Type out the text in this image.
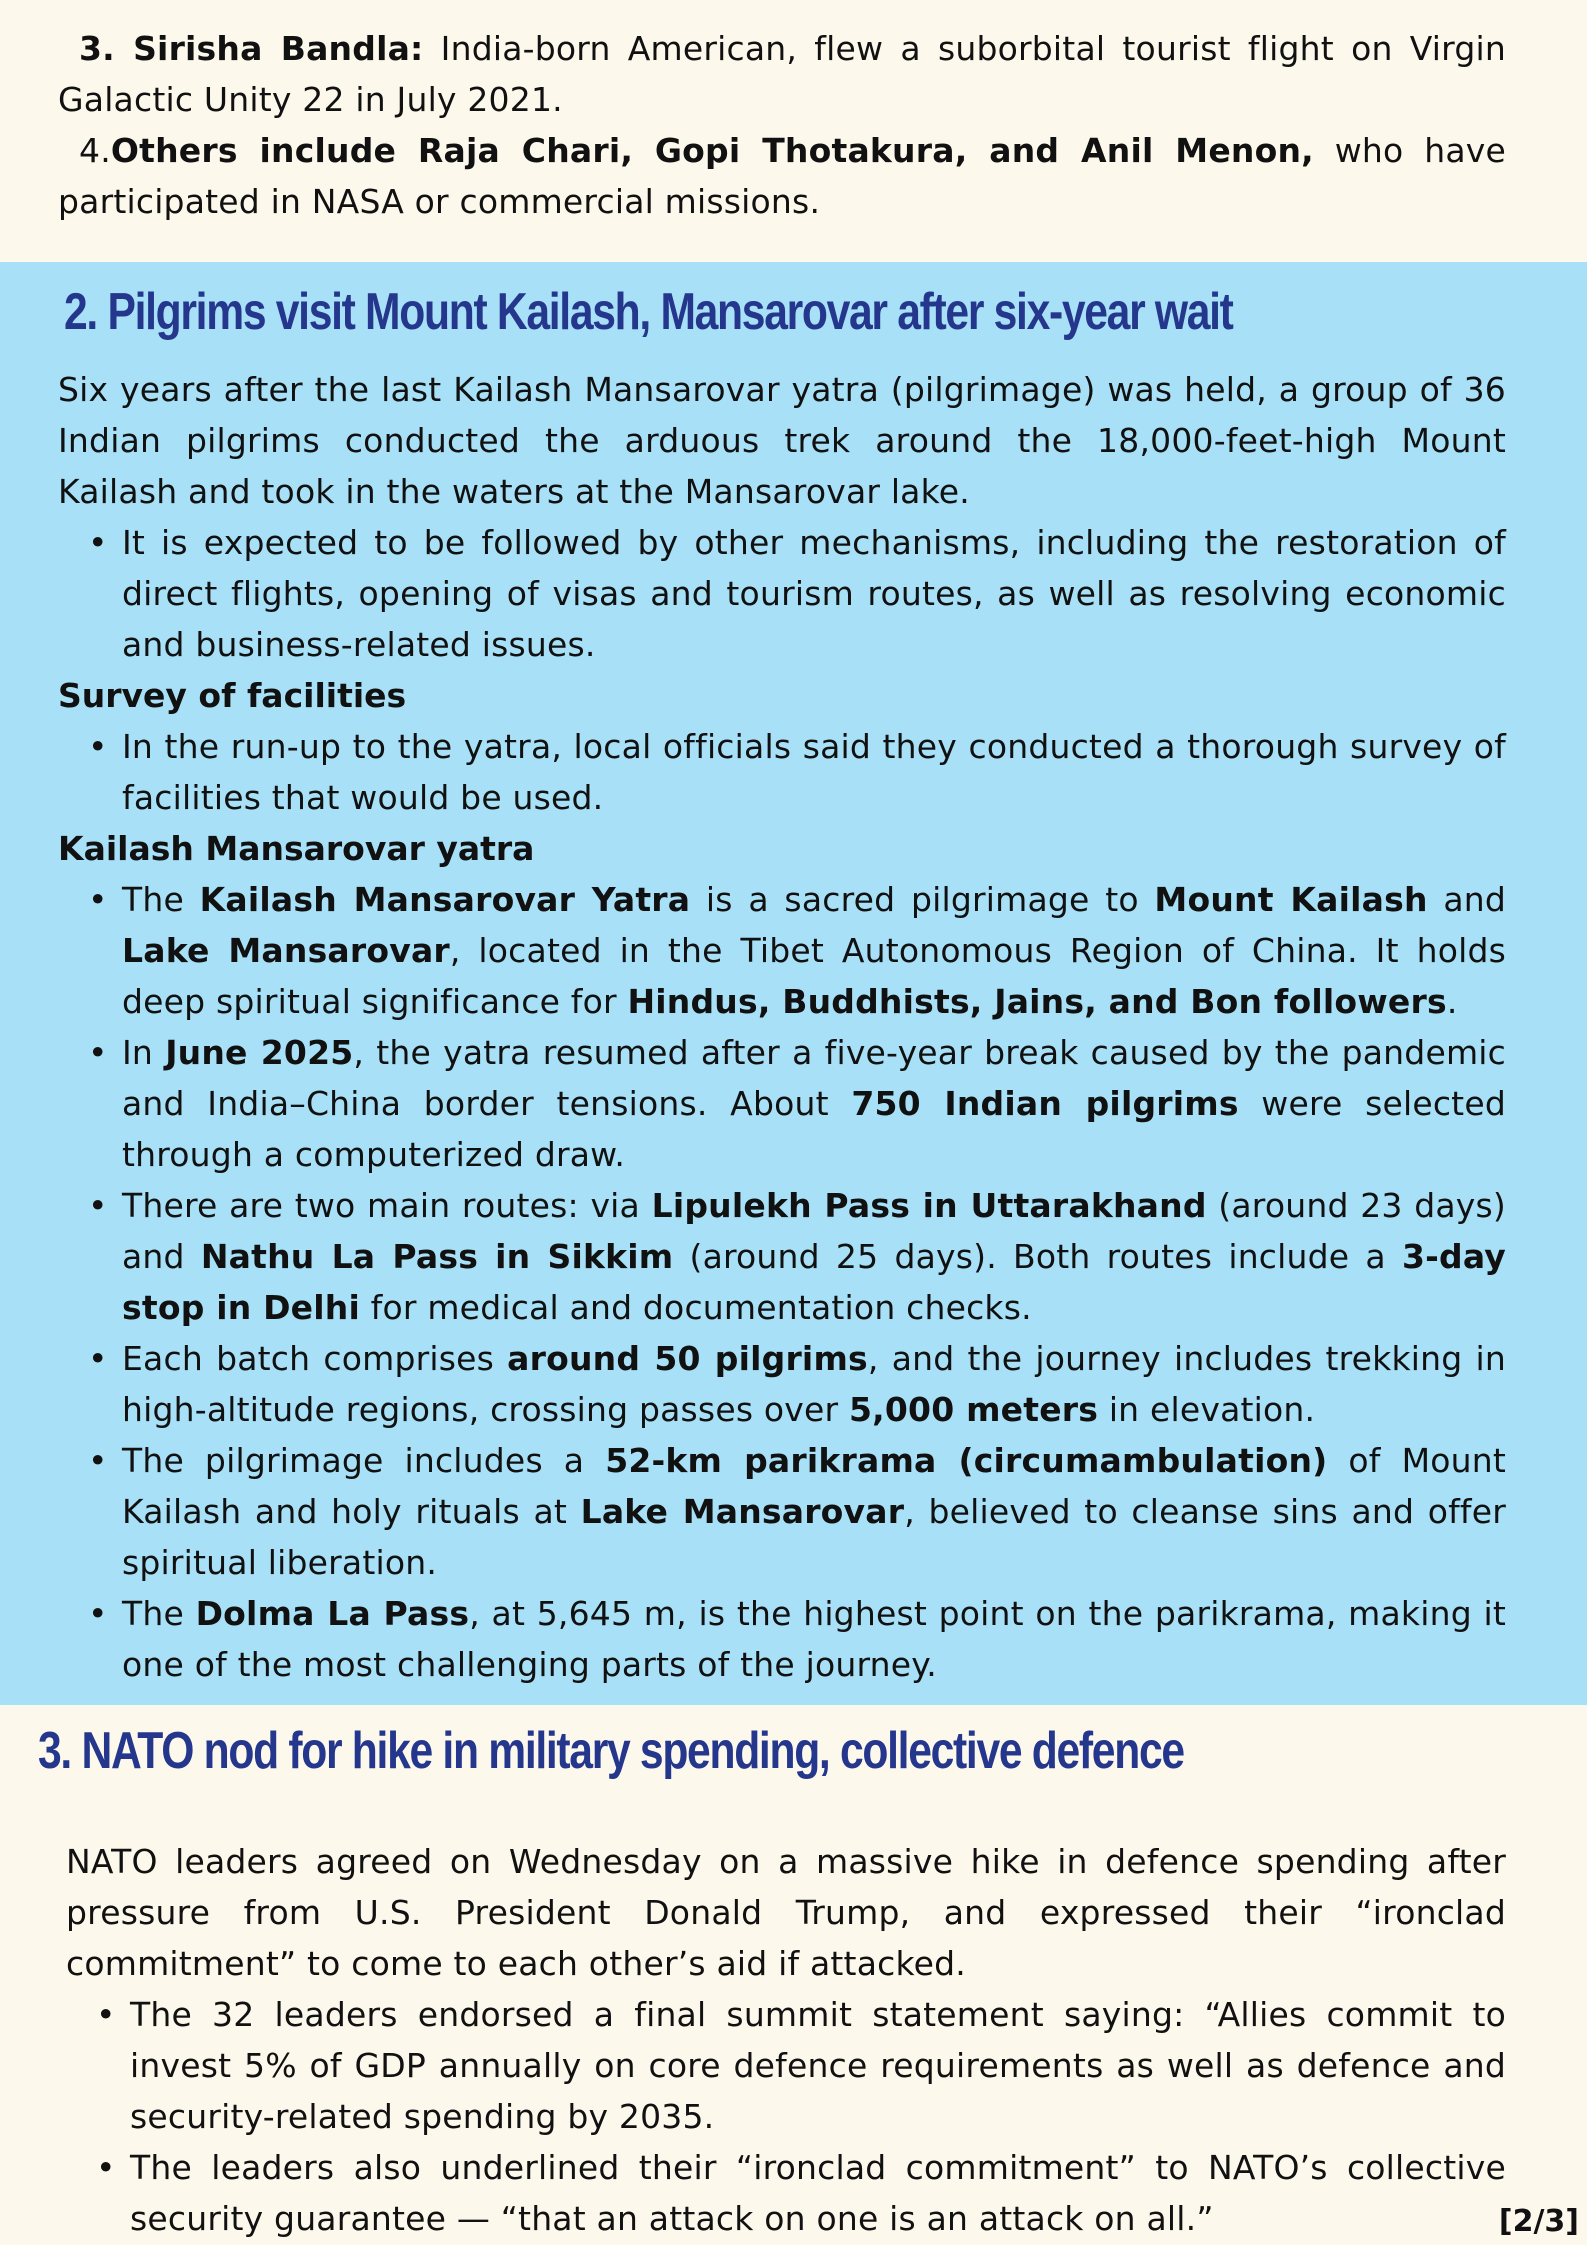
3. Sirisha Bandla: India-born American, flew a suborbital tourist flight on Virgin Galactic Unity 22 in July 2021.
4.Others include Raja Chari, Gopi Thotakura, and Anil Menon, who have participated in NASA or commercial missions.
2. Pilgrims visit Mount Kailash, Mansarovar after six-year wait
Six years after the last Kailash Mansarovar yatra (pilgrimage) was held, a group of 36 Indian pilgrims conducted the arduous trek around the 18,000-feet-high Mount Kailash and took in the waters at the Mansarovar lake.
• It is expected to be followed by other mechanisms, including the restoration of direct flights, opening of visas and tourism routes, as well as resolving economic and business-related issues.
Survey of facilities
• In the run-up to the yatra, local officials said they conducted a thorough survey of facilities that would be used.
Kailash Mansarovar yatra
• The Kailash Mansarovar Yatra is a sacred pilgrimage to Mount Kailash and Lake Mansarovar, located in the Tibet Autonomous Region of China. It holds deep spiritual significance for Hindus, Buddhists, Jains, and Bon followers.
• In June 2025, the yatra resumed after a five-year break caused by the pandemic and India–China border tensions. About 750 Indian pilgrims were selected through a computerized draw.
• There are two main routes: via Lipulekh Pass in Uttarakhand (around 23 days) and Nathu La Pass in Sikkim (around 25 days). Both routes include a 3-day stop in Delhi for medical and documentation checks.
• Each batch comprises around 50 pilgrims, and the journey includes trekking in high-altitude regions, crossing passes over 5,000 meters in elevation.
• The pilgrimage includes a 52-km parikrama (circumambulation) of Mount Kailash and holy rituals at Lake Mansarovar, believed to cleanse sins and offer spiritual liberation.
• The Dolma La Pass, at 5,645 m, is the highest point on the parikrama, making it one of the most challenging parts of the journey.
3. NATO nod for hike in military spending, collective defence
NATO leaders agreed on Wednesday on a massive hike in defence spending after pressure from U.S. President Donald Trump, and expressed their “ironclad commitment” to come to each other’s aid if attacked.
• The 32 leaders endorsed a final summit statement saying: “Allies commit to invest 5% of GDP annually on core defence requirements as well as defence and security-related spending by 2035.
• The leaders also underlined their “ironclad commitment” to NATO’s collective security guarantee — “that an attack on one is an attack on all.”	[2/3]
